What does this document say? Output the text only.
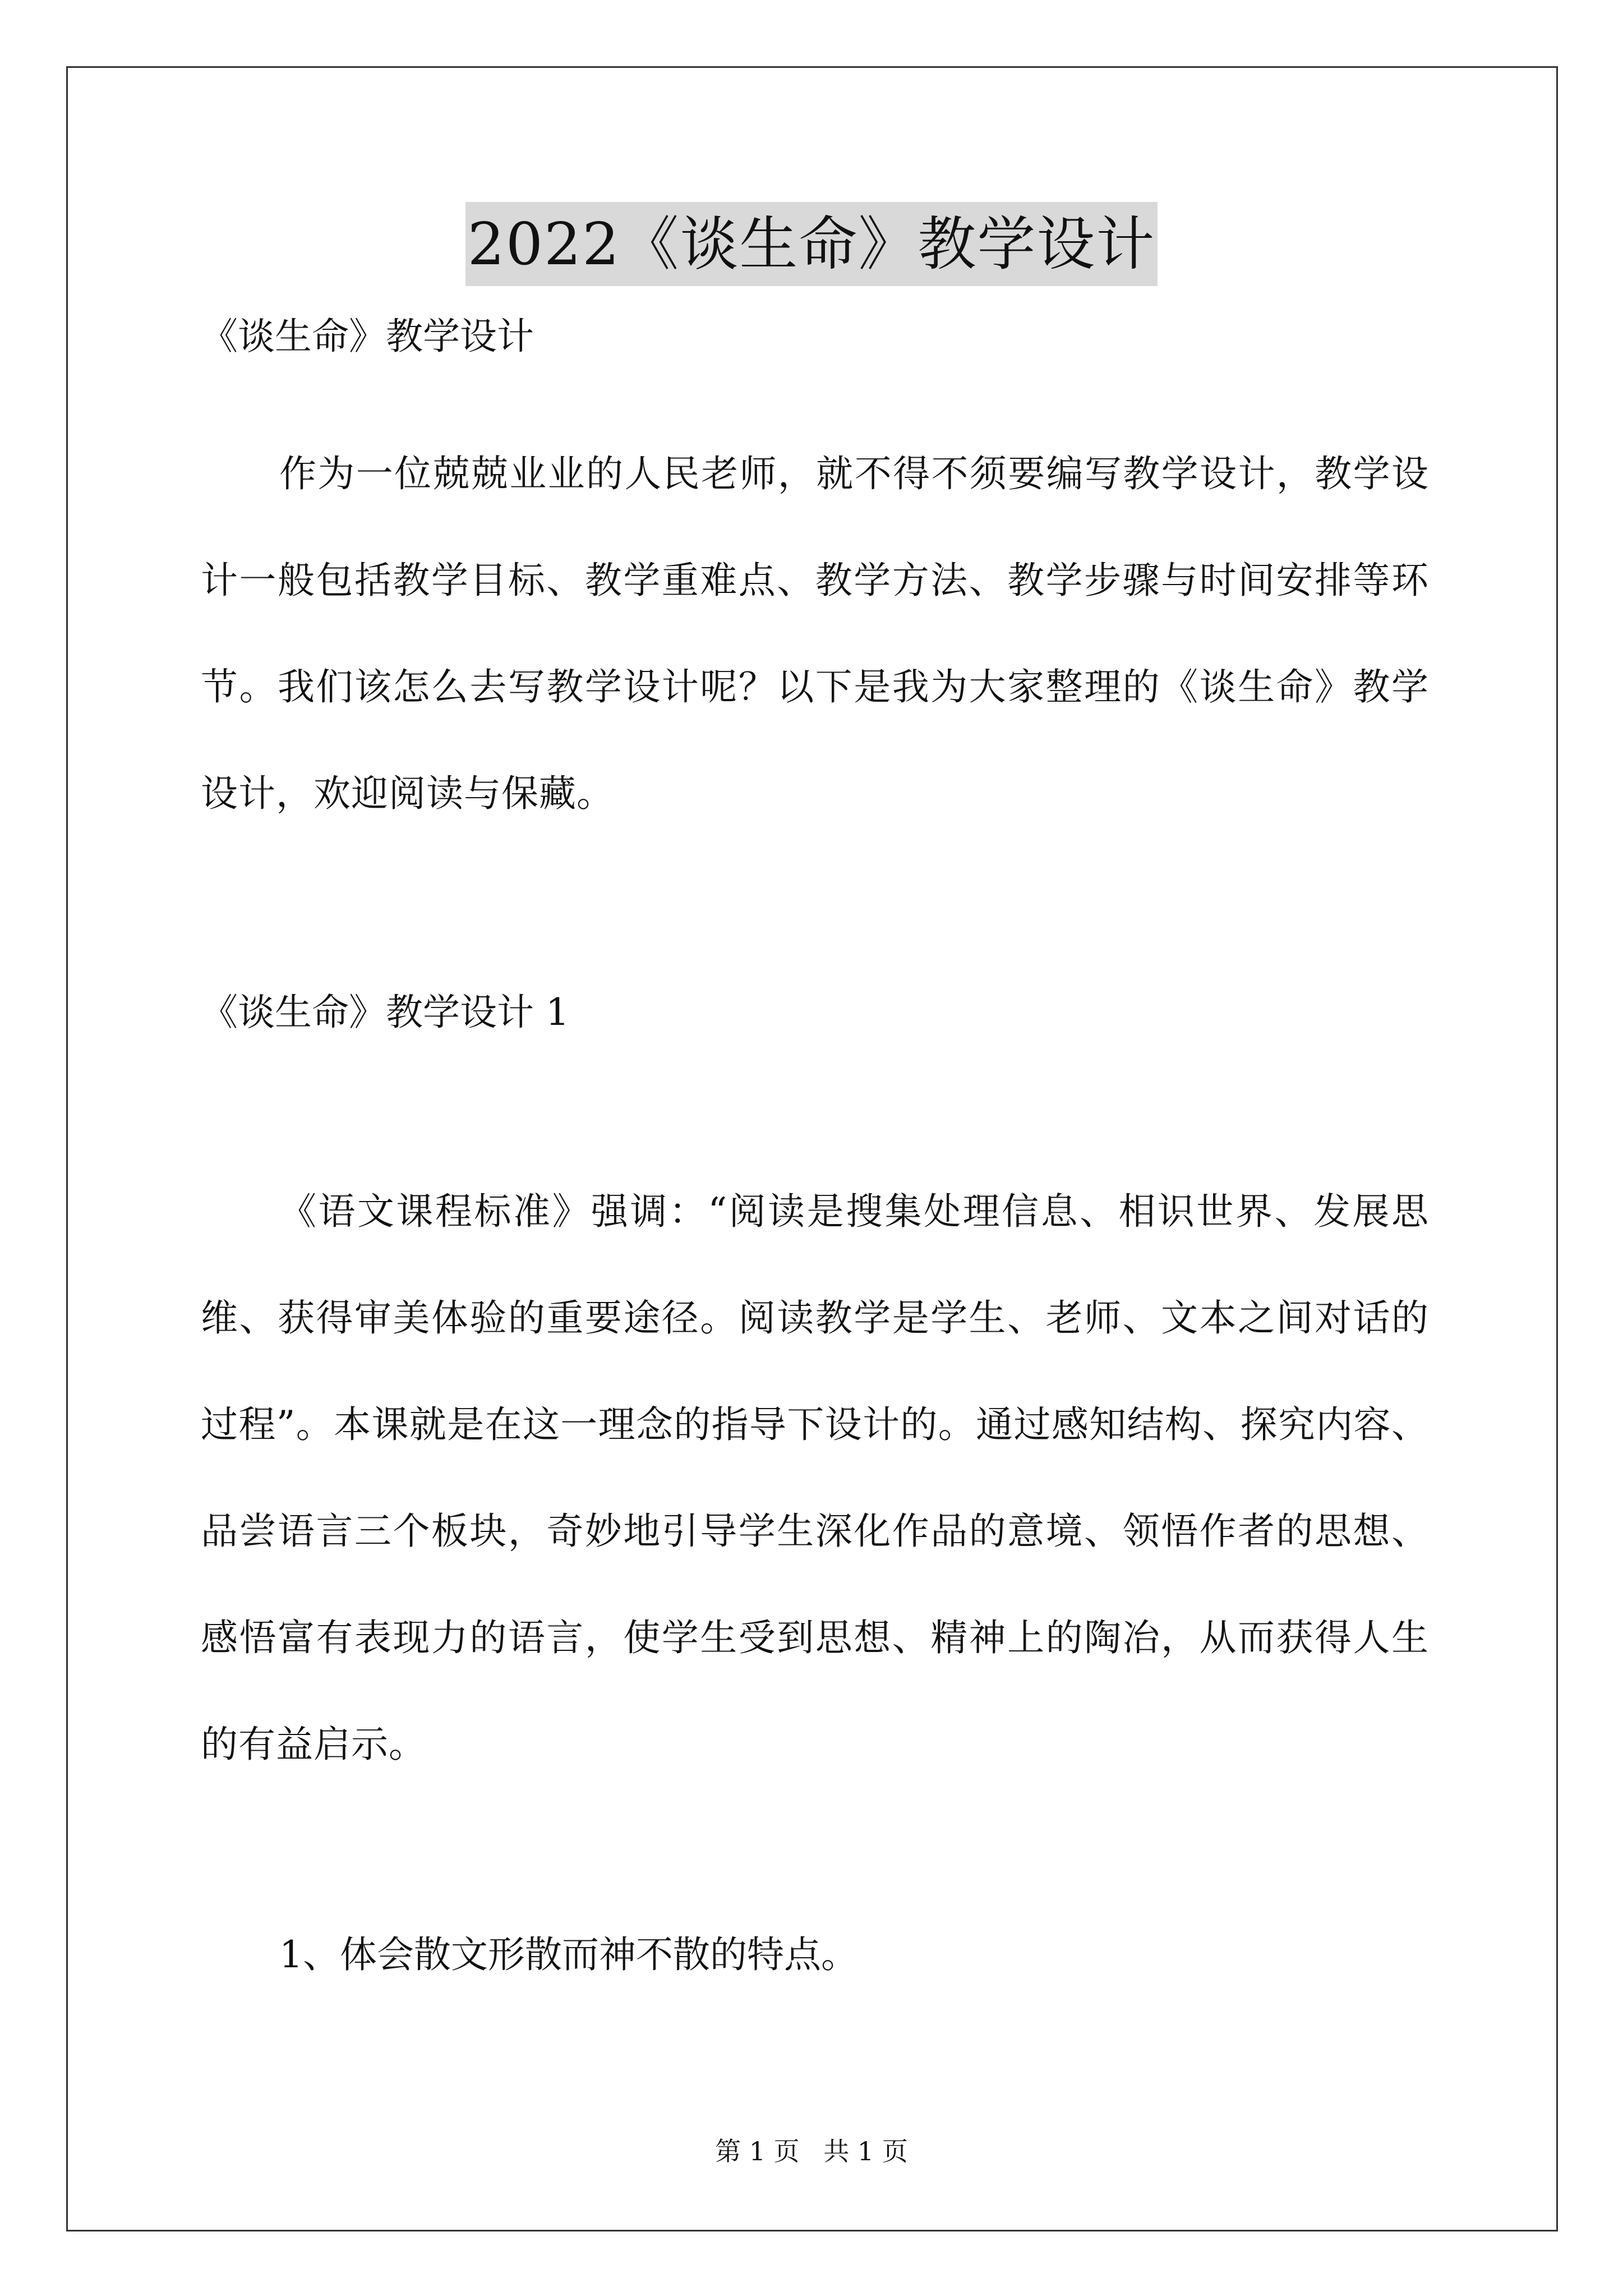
2022《谈生命》教学设计

《谈生命》教学设计

作为一位兢兢业业的人民老师，就不得不须要编写教学设计，教学设计一般包括教学目标、教学重难点、教学方法、教学步骤与时间安排等环节。我们该怎么去写教学设计呢？以下是我为大家整理的《谈生命》教学设计，欢迎阅读与保藏。

《谈生命》教学设计 1

《语文课程标准》强调：“阅读是搜集处理信息、相识世界、发展思维、获得审美体验的重要途径。阅读教学是学生、老师、文本之间对话的过程”。本课就是在这一理念的指导下设计的。通过感知结构、探究内容、品尝语言三个板块，奇妙地引导学生深化作品的意境、领悟作者的思想、感悟富有表现力的语言，使学生受到思想、精神上的陶冶，从而获得人生的有益启示。

1、体会散文形散而神不散的特点。

第 1 页 共 1 页
